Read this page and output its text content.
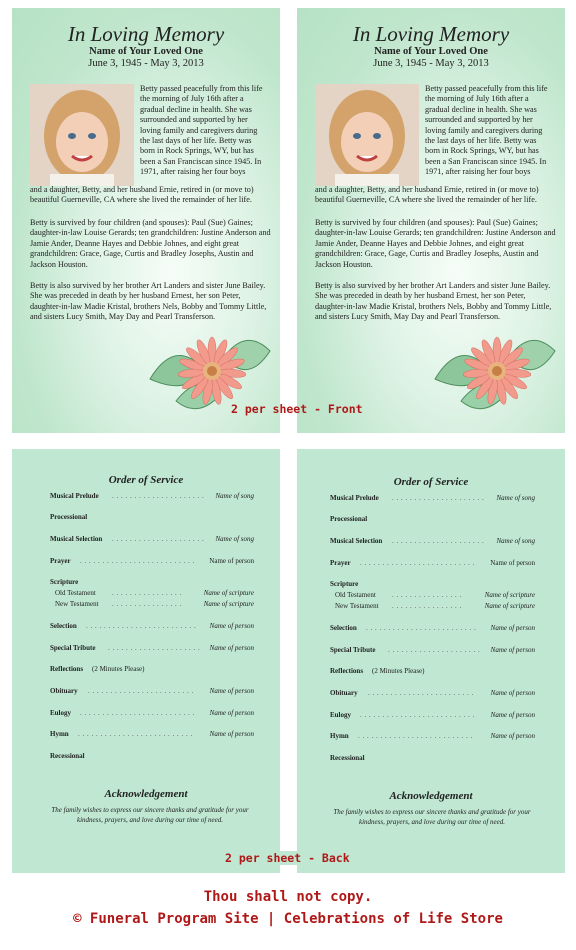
In Loving Memory
Name of Your Loved One
June 3, 1945 - May 3, 2013
Betty passed peacefully from this life the morning of July 16th after a gradual decline in health. She was surrounded and supported by her loving family and caregivers during the last days of her life. Betty was born in Rock Springs, WY, but has been a San Franciscan since 1945. In 1971, after raising her four boys
and a daughter, Betty, and her husband Ernie, retired in (or move to) beautiful Guerneville, CA where she lived the remainder of her life.
Betty is survived by four children (and spouses): Paul (Sue) Gaines; daughter-in-law Louise Gerards; ten grandchildren: Justine Anderson and Jamie Ander, Deanne Hayes and Debbie Johnes, and eight great grandchildren: Grace, Gage, Curtis and Bradley Josephs, Austin and Jackson Houston.
Betty is also survived by her brother Art Landers and sister June Bailey. She was preceded in death by her husband Ernest, her son Peter, daughter-in-law Madie Kristal, brothers Nels, Bobby and Tommy Little, and sisters Lucy Smith, May Day and Pearl Transferson.
In Loving Memory
Name of Your Loved One
June 3, 1945 - May 3, 2013
Betty passed peacefully from this life the morning of July 16th after a gradual decline in health. She was surrounded and supported by her loving family and caregivers during the last days of her life. Betty was born in Rock Springs, WY, but has been a San Franciscan since 1945. In 1971, after raising her four boys
and a daughter, Betty, and her husband Ernie, retired in (or move to) beautiful Guerneville, CA where she lived the remainder of her life.
Betty is survived by four children (and spouses): Paul (Sue) Gaines; daughter-in-law Louise Gerards; ten grandchildren: Justine Anderson and Jamie Ander, Deanne Hayes and Debbie Johnes, and eight great grandchildren: Grace, Gage, Curtis and Bradley Josephs, Austin and Jackson Houston.
Betty is also survived by her brother Art Landers and sister June Bailey. She was preceded in death by her husband Ernest, her son Peter, daughter-in-law Madie Kristal, brothers Nels, Bobby and Tommy Little, and sisters Lucy Smith, May Day and Pearl Transferson.
2 per sheet - Front
Order of Service
Musical Prelude . . . . . . . . . . . . . . . . . . . . . Name of song
Processional
Musical Selection . . . . . . . . . . . . . . . . . . . . . Name of song
Prayer . . . . . . . . . . . . . . . . . . . . . . . . . . Name of person
Scripture
Old Testament . . . . . . . . . . . . . . . .	Name of scripture
New Testament . . . . . . . . . . . . . . . .	Name of scripture
Selection . . . . . . . . . . . . . . . . . . . . . . . . . Name of person
Special Tribute . . . . . . . . . . . . . . . . . . . . . Name of person
Reflections (2 Minutes Please)
Obituary . . . . . . . . . . . . . . . . . . . . . . . . Name of person
Eulogy . . . . . . . . . . . . . . . . . . . . . . . . . . Name of person
Hymn . . . . . . . . . . . . . . . . . . . . . . . . . . Name of person
Recessional
Acknowledgement
The family wishes to express our sincere thanks and gratitude for your kindness, prayers, and love during our time of need.
Order of Service
Musical Prelude . . . . . . . . . . . . . . . . . . . . . Name of song
Processional
Musical Selection . . . . . . . . . . . . . . . . . . . . . Name of song
Prayer . . . . . . . . . . . . . . . . . . . . . . . . . . Name of person
Scripture
Old Testament . . . . . . . . . . . . . . . .	Name of scripture
New Testament . . . . . . . . . . . . . . . .	Name of scripture
Selection . . . . . . . . . . . . . . . . . . . . . . . . . Name of person
Special Tribute . . . . . . . . . . . . . . . . . . . . . Name of person
Reflections (2 Minutes Please)
Obituary . . . . . . . . . . . . . . . . . . . . . . . . Name of person
Eulogy . . . . . . . . . . . . . . . . . . . . . . . . . . Name of person
Hymn . . . . . . . . . . . . . . . . . . . . . . . . . .	Name of person
Recessional
Acknowledgement
The family wishes to express our sincere thanks and gratitude for your kindness, prayers, and love during our time of need.
2 per sheet - Back
Thou shall not copy.
© Funeral Program Site | Celebrations of Life Store
